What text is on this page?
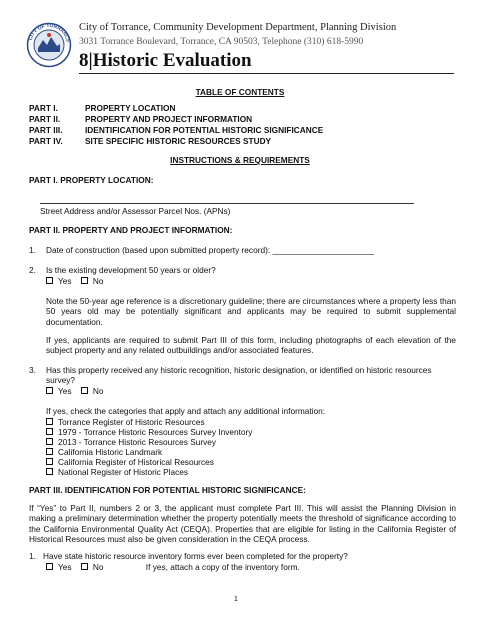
CITY OF TORRANCE
City of Torrance, Community Development Department, Planning Division
3031 Torrance Boulevard, Torrance, CA 90503, Telephone (310) 618-5990
8|Historic Evaluation
TABLE OF CONTENTS
PART I.	PROPERTY LOCATION
PART II.	PROPERTY AND PROJECT INFORMATION
PART III.	IDENTIFICATION FOR POTENTIAL HISTORIC SIGNIFICANCE
PART IV.	SITE SPECIFIC HISTORIC RESOURCES STUDY
INSTRUCTIONS & REQUIREMENTS
PART I. PROPERTY LOCATION:
Street Address and/or Assessor Parcel Nos. (APNs)
PART II. PROPERTY AND PROJECT INFORMATION:
1. Date of construction (based upon submitted property record): ______________________
2. Is the existing development 50 years or older?
Yes	No
Note the 50-year age reference is a discretionary guideline; there are circumstances where a property less than 50 years old may be potentially significant and applicants may be required to submit supplemental documentation.
If yes, applicants are required to submit Part III of this form, including photographs of each elevation of the subject property and any related outbuildings and/or associated features.
3. Has this property received any historic recognition, historic designation, or identified on historic resources survey?
Yes	No
If yes, check the categories that apply and attach any additional information:
Torrance Register of Historic Resources
1979 - Torrance Historic Resources Survey Inventory
2013 - Torrance Historic Resources Survey
California Historic Landmark
California Register of Historical Resources
National Register of Historic Places
PART III. IDENTIFICATION FOR POTENTIAL HISTORIC SIGNIFICANCE:
If “Yes” to Part II, numbers 2 or 3, the applicant must complete Part III. This will assist the Planning Division in making a preliminary determination whether the property potentially meets the threshold of significance according to the California Environmental Quality Act (CEQA). Properties that are eligible for listing in the California Register of Historical Resources must also be given consideration in the CEQA process.
1. Have state historic resource inventory forms ever been completed for the property?
Yes	No	If yes, attach a copy of the inventory form.
1
